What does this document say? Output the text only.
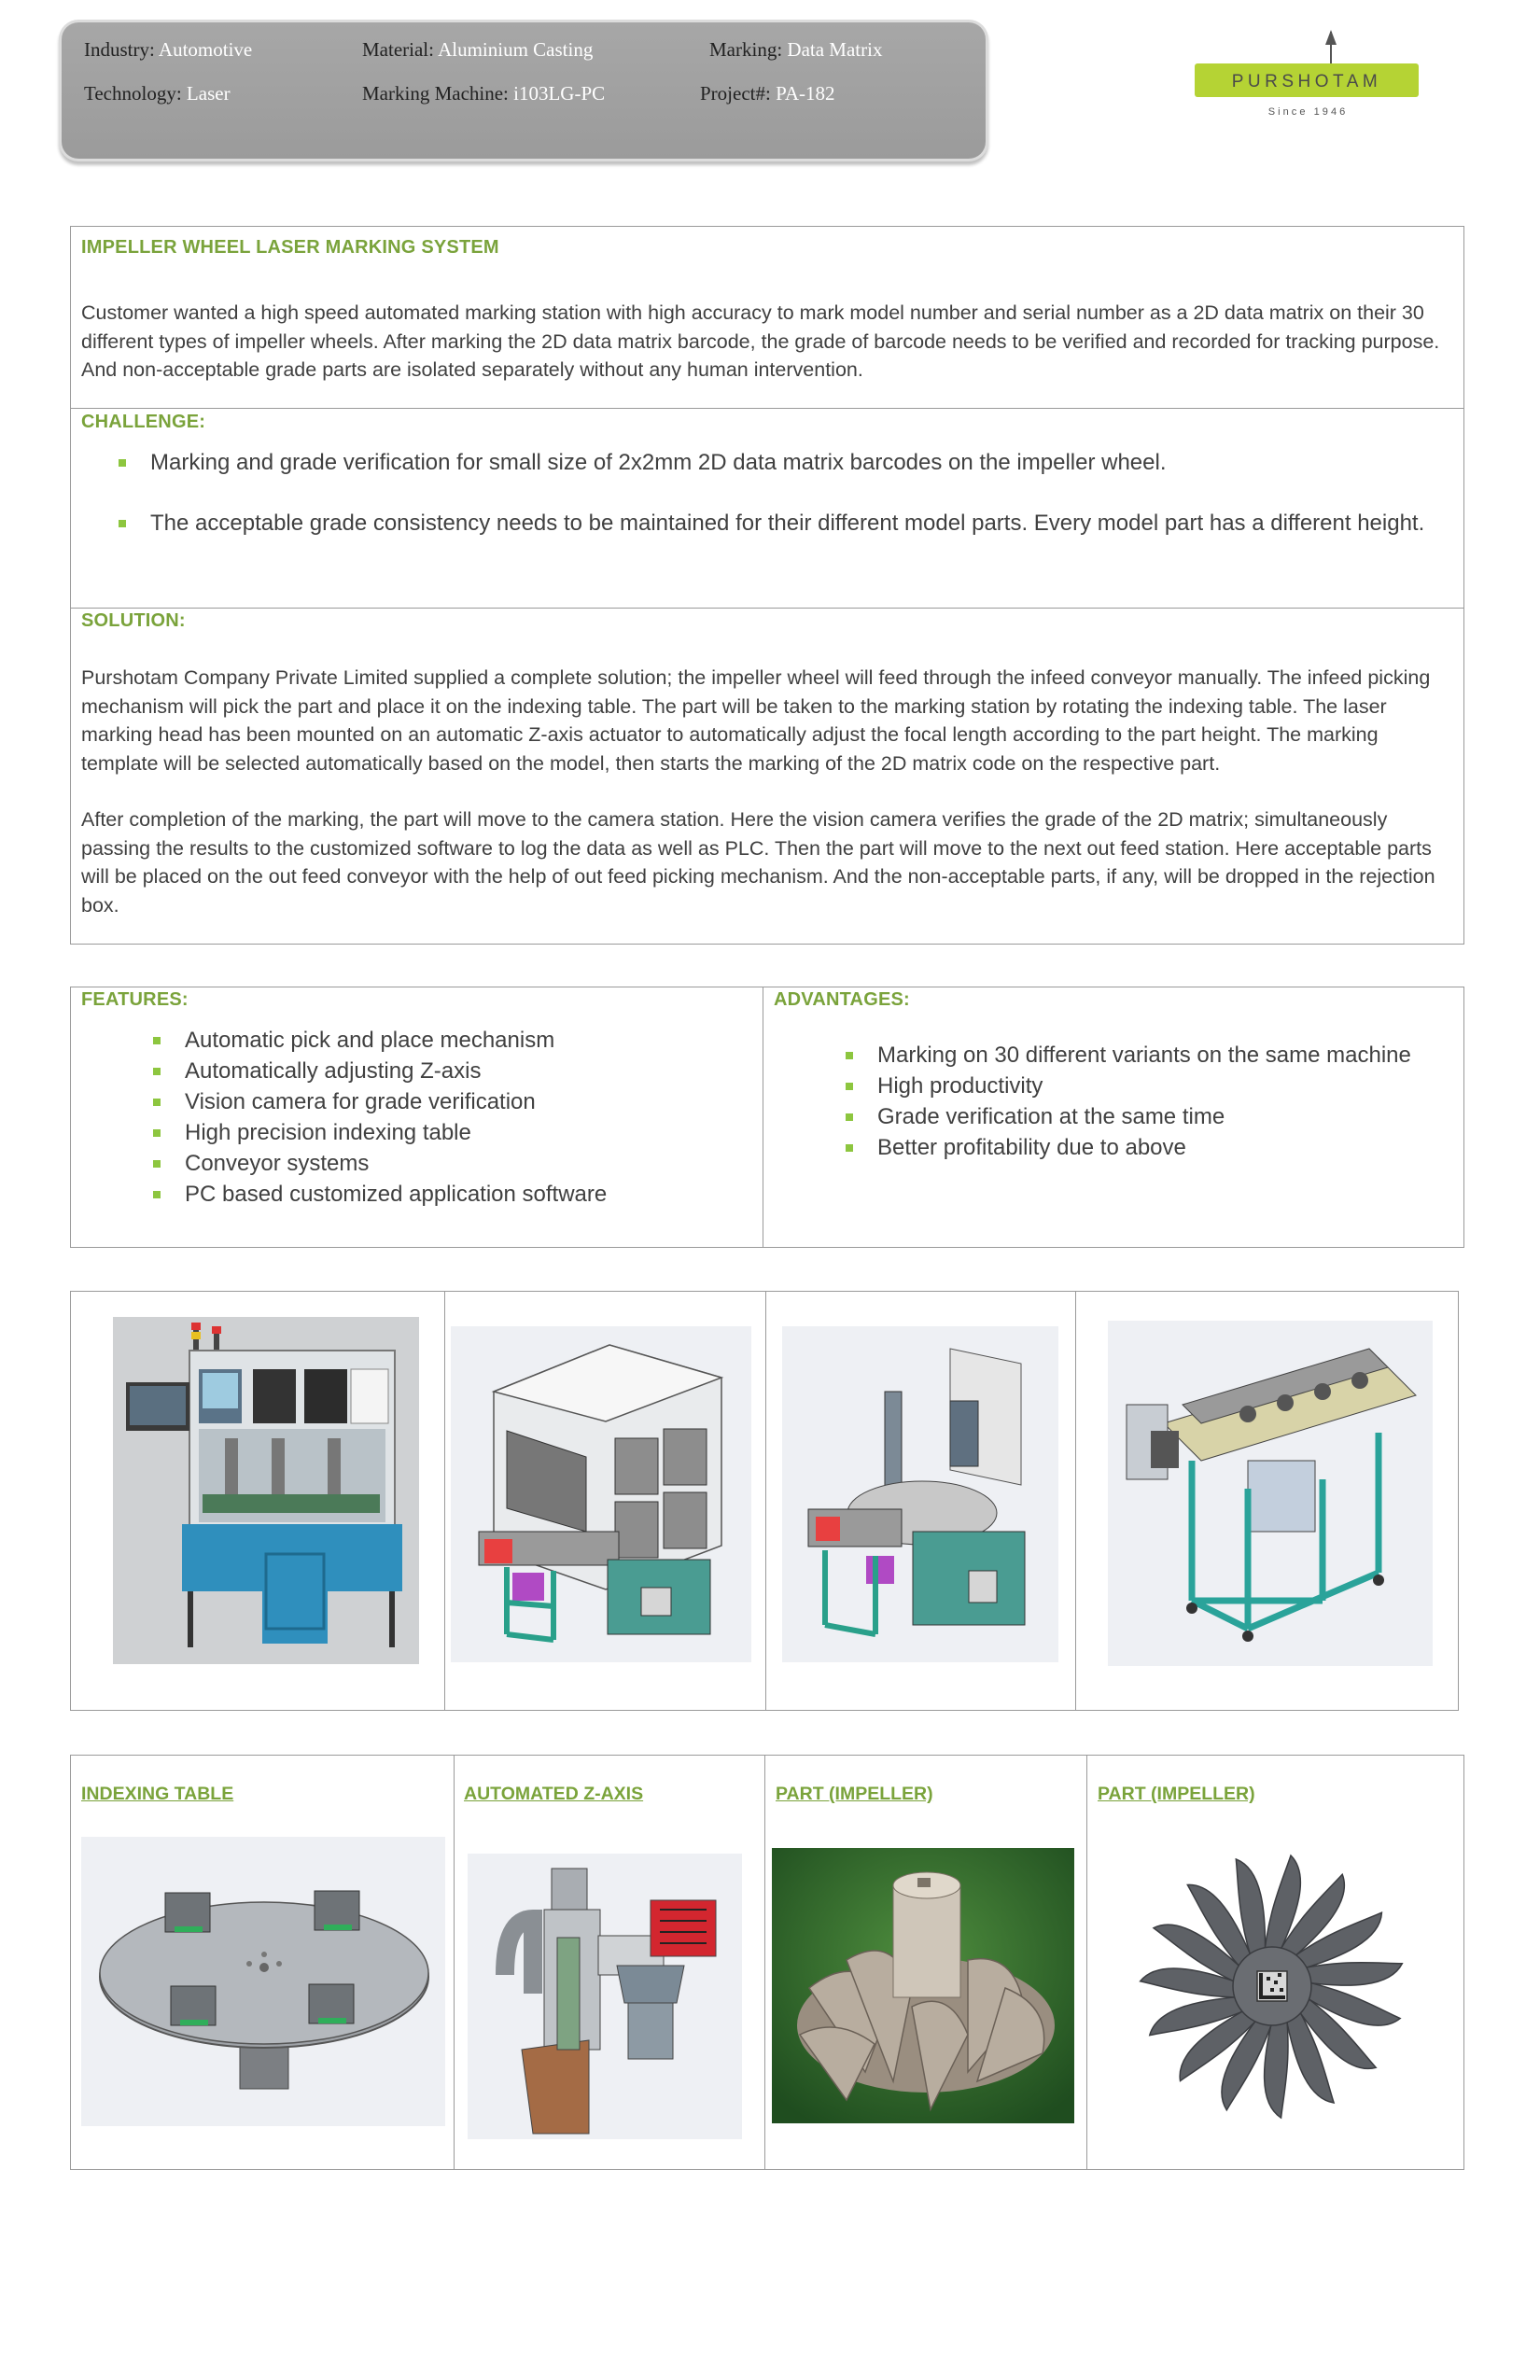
Industry: Automotive	Material: Aluminium Casting	Marking: Data Matrix
Technology: Laser	Marking Machine: i103LG-PC	Project#: PA-182
PURSHOTAM
S i n c e   1 9 4 6
IMPELLER WHEEL LASER MARKING SYSTEM
Customer wanted a high speed automated marking station with high accuracy to mark model number and serial number as a 2D data matrix on their 30 different types of impeller wheels. After marking the 2D data matrix barcode, the grade of barcode needs to be verified and recorded for tracking purpose. And non-acceptable grade parts are isolated separately without any human intervention.
CHALLENGE:
Marking and grade verification for small size of 2x2mm 2D data matrix barcodes on the impeller wheel.
The acceptable grade consistency needs to be maintained for their different model parts. Every model part has a different height.
SOLUTION:

Purshotam Company Private Limited supplied a complete solution; the impeller wheel will feed through the infeed conveyor manually. The infeed picking mechanism will pick the part and place it on the indexing table. The part will be taken to the marking station by rotating the indexing table. The laser marking head has been mounted on an automatic Z-axis actuator to automatically adjust the focal length according to the part height. The marking template will be selected automatically based on the model, then starts the marking of the 2D matrix code on the respective part.

After completion of the marking, the part will move to the camera station. Here the vision camera verifies the grade of the 2D matrix; simultaneously passing the results to the customized software to log the data as well as PLC. Then the part will move to the next out feed station. Here acceptable parts will be placed on the out feed conveyor with the help of out feed picking mechanism. And the non-acceptable parts, if any, will be dropped in the rejection box.

FEATURES:
Automatic pick and place mechanism
Automatically adjusting Z-axis
Vision camera for grade verification
High precision indexing table
Conveyor systems
PC based customized application software
ADVANTAGES:
Marking on 30 different variants on the same machine
High productivity
Grade verification at the same time
Better profitability due to above
INDEXING TABLE	AUTOMATED Z-AXIS	PART (IMPELLER)	PART (IMPELLER)
